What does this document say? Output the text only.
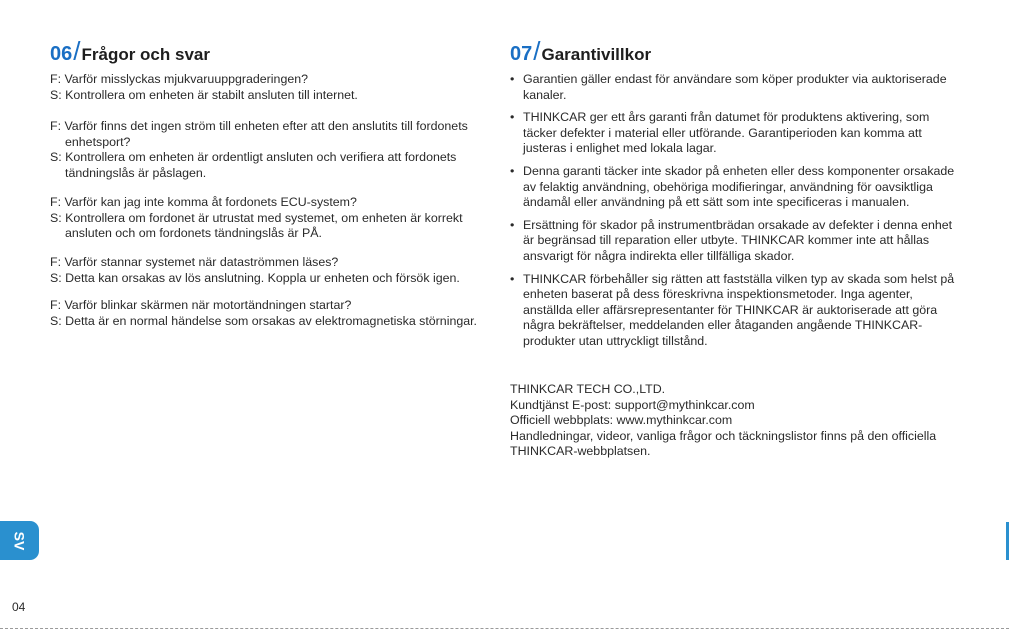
06 / Frågor och svar
F: Varför misslyckas mjukvaruuppgraderingen?
S: Kontrollera om enheten är stabilt ansluten till internet.
F: Varför finns det ingen ström till enheten efter att den anslutits till fordonets enhetsport?
S: Kontrollera om enheten är ordentligt ansluten och verifiera att fordonets tändningslås är påslagen.
F: Varför kan jag inte komma åt fordonets ECU-system?
S: Kontrollera om fordonet är utrustat med systemet, om enheten är korrekt ansluten och om fordonets tändningslås är PÅ.
F: Varför stannar systemet när dataströmmen läses?
S: Detta kan orsakas av lös anslutning. Koppla ur enheten och försök igen.
F: Varför blinkar skärmen när motortändningen startar?
S: Detta är en normal händelse som orsakas av elektromagnetiska störningar.
07 / Garantivillkor
• Garantien gäller endast för användare som köper produkter via auktoriserade kanaler.
• THINKCAR ger ett års garanti från datumet för produktens aktivering, som täcker defekter i material eller utförande. Garantiperioden kan komma att justeras i enlighet med lokala lagar.
• Denna garanti täcker inte skador på enheten eller dess komponenter orsakade av felaktig användning, obehöriga modifieringar, användning för oavsiktliga ändamål eller användning på ett sätt som inte specificeras i manualen.
• Ersättning för skador på instrumentbrädan orsakade av defekter i denna enhet är begränsad till reparation eller utbyte. THINKCAR kommer inte att hållas ansvarigt för några indirekta eller tillfälliga skador.
• THINKCAR förbehåller sig rätten att fastställa vilken typ av skada som helst på enheten baserat på dess föreskrivna inspektionsmetoder. Inga agenter, anställda eller affärsrepresentanter för THINKCAR är auktoriserade att göra några bekräftelser, meddelanden eller åtaganden angående THINKCAR-produkter utan uttryckligt tillstånd.

THINKCAR TECH CO.,LTD.

Kundtjänst E-post: support@mythinkcar.com

Officiell webbplats: www.mythinkcar.com

Handledningar, videor, vanliga frågor och täckningslistor finns på den officiella THINKCAR-webbplatsen.

SV
04
